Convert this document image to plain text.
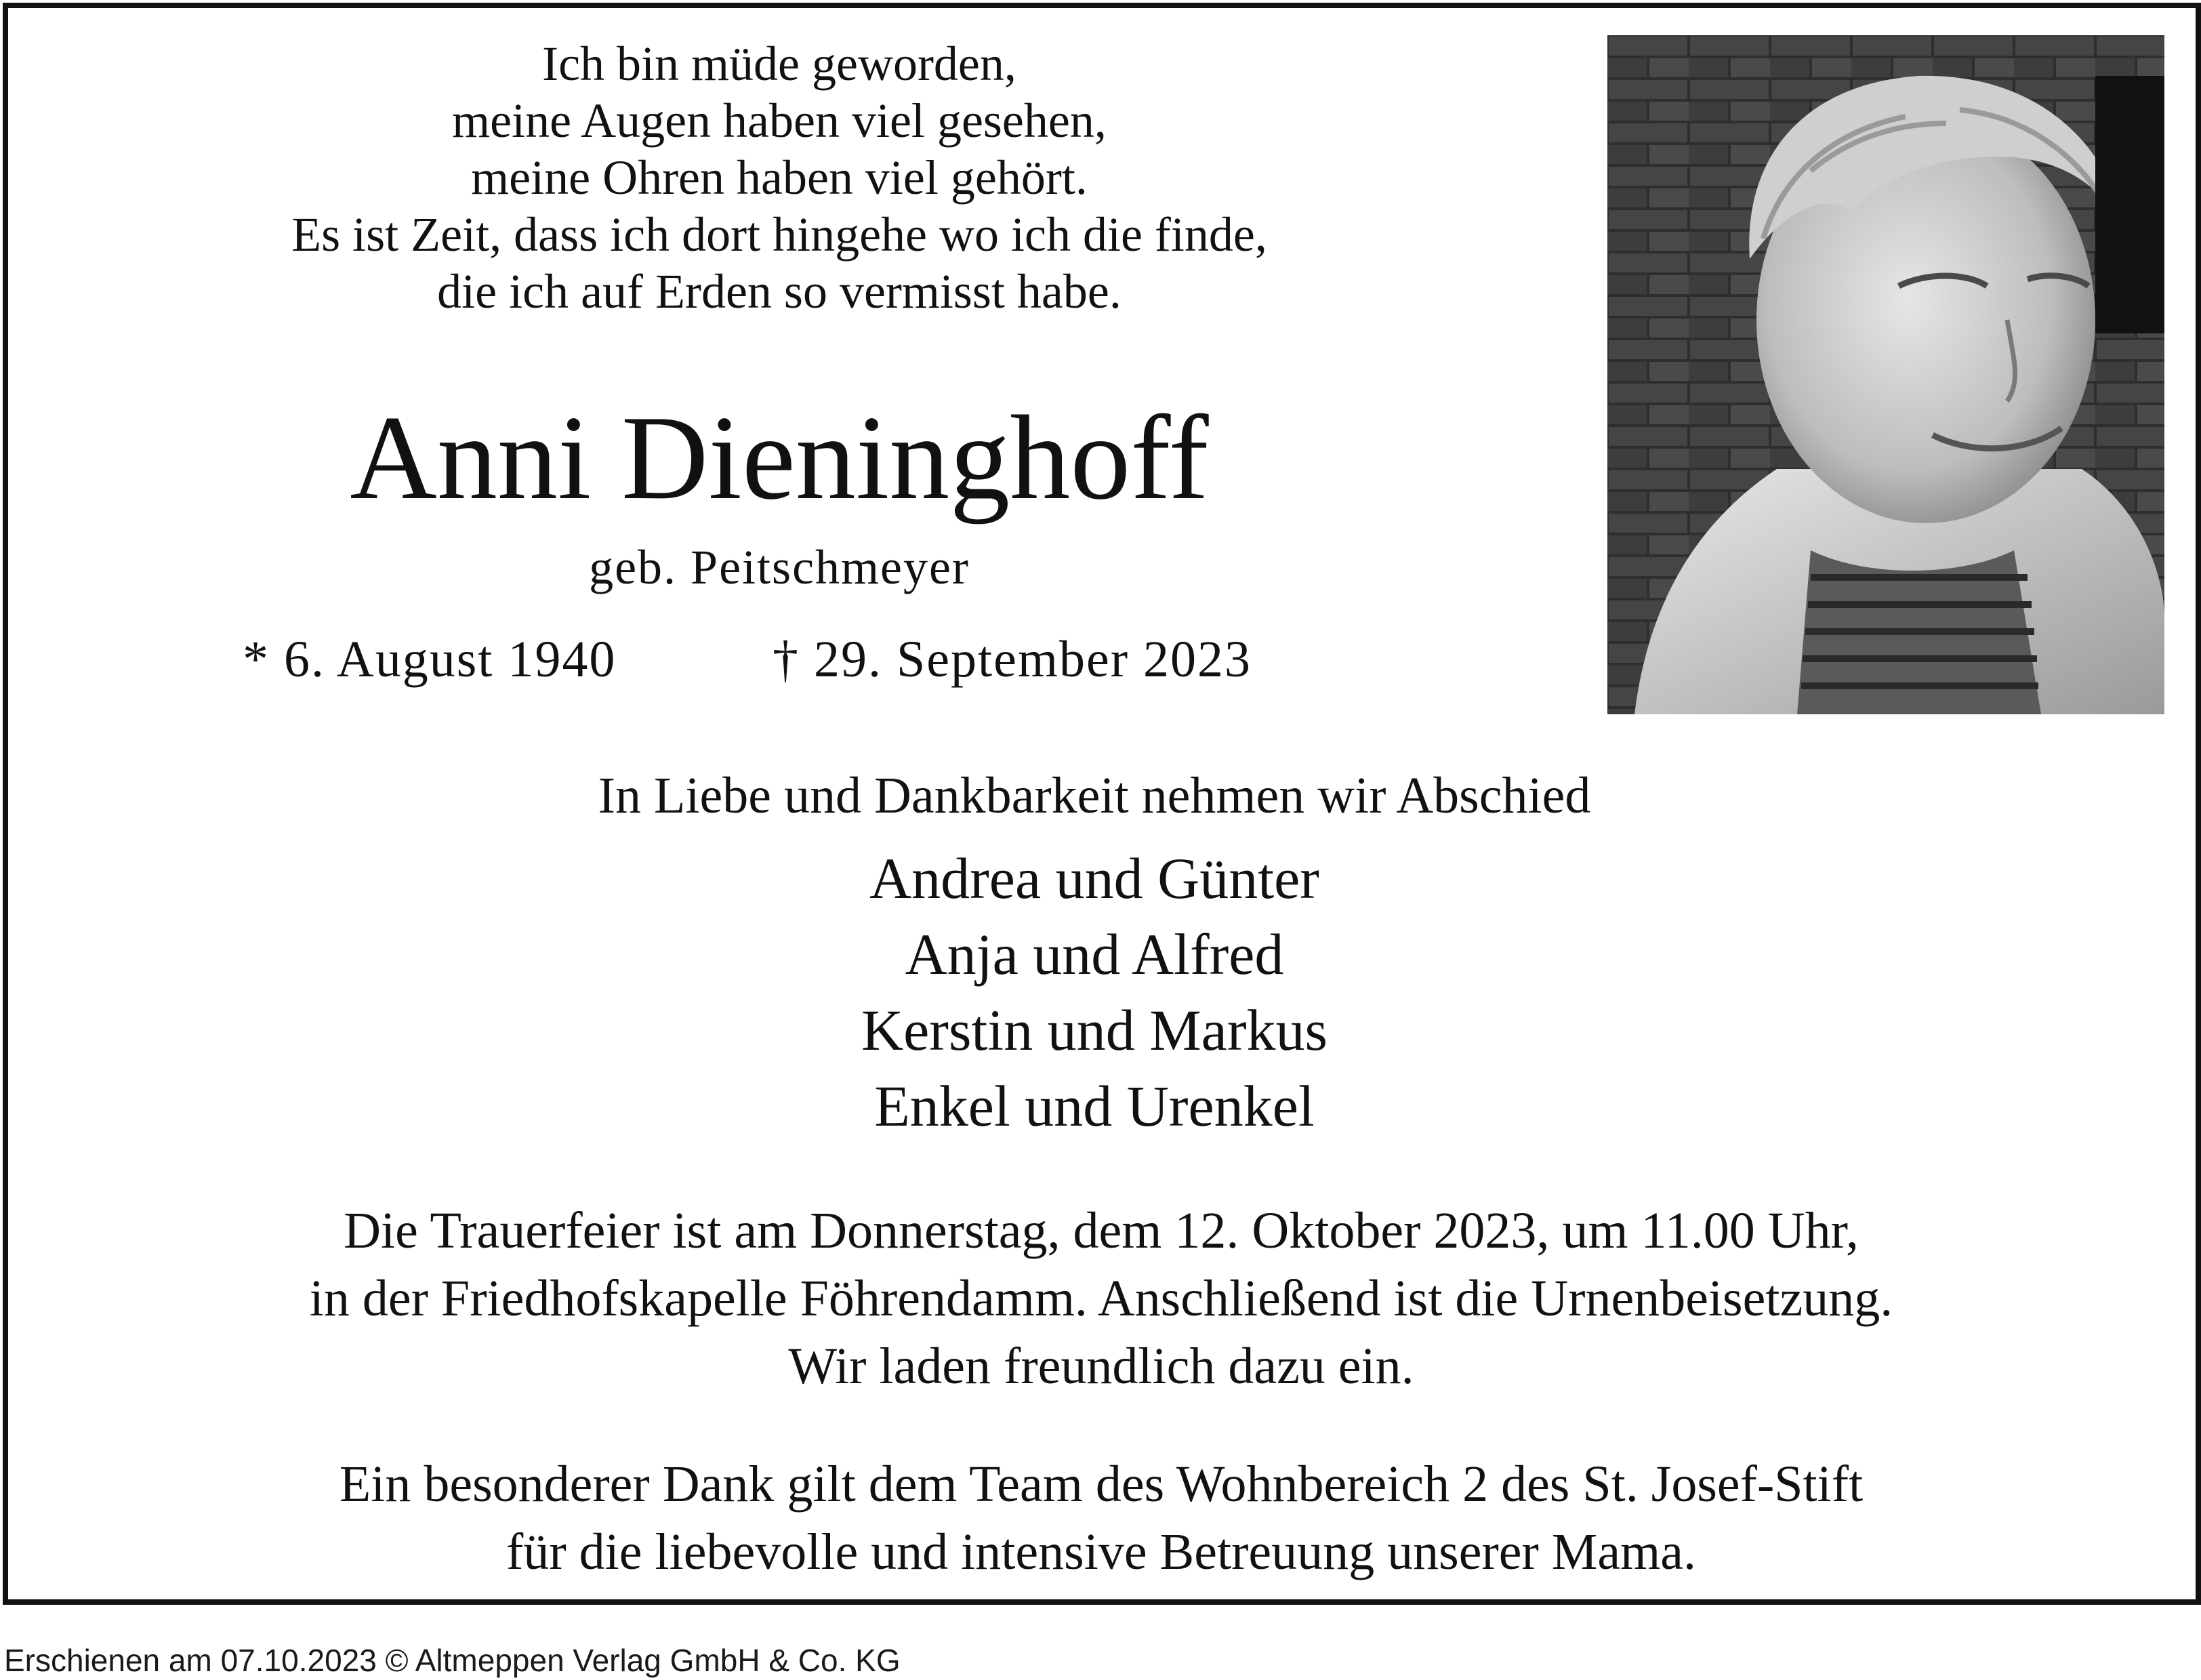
Ich bin müde geworden,
meine Augen haben viel gesehen,
meine Ohren haben viel gehört.
Es ist Zeit, dass ich dort hingehe wo ich die finde,
die ich auf Erden so vermisst habe.
Anni Dieninghoff
geb. Peitschmeyer
* 6. August 1940	† 29. September 2023
In Liebe und Dankbarkeit nehmen wir Abschied
Andrea und Günter
Anja und Alfred
Kerstin und Markus
Enkel und Urenkel
Die Trauerfeier ist am Donnerstag, dem 12. Oktober 2023, um 11.00 Uhr,
in der Friedhofskapelle Föhrendamm. Anschließend ist die Urnenbeisetzung.
Wir laden freundlich dazu ein.
Ein besonderer Dank gilt dem Team des Wohnbereich 2 des St. Josef-Stift
für die liebevolle und intensive Betreuung unserer Mama.
Erschienen am 07.10.2023 © Altmeppen Verlag GmbH & Co. KG
